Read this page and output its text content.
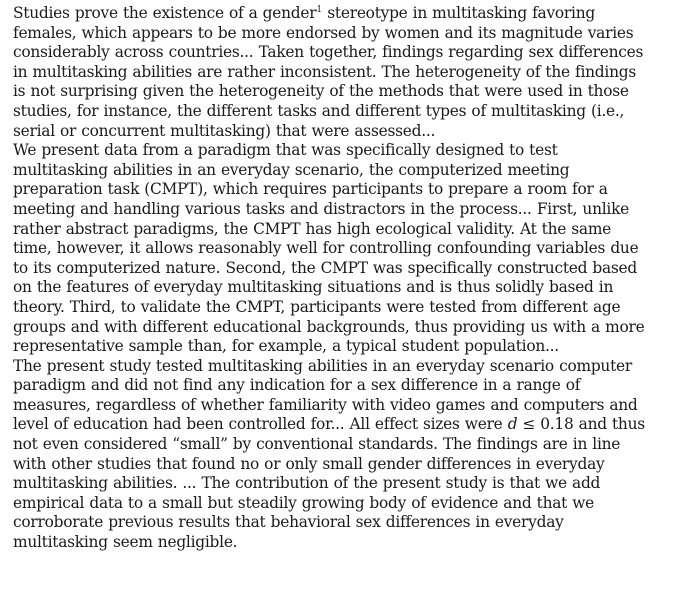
Studies prove the existence of a gender$^1$ stereotype in multitasking favoring
females, which appears to be more endorsed by women and its magnitude varies
considerably across countries... Taken together, findings regarding sex differences
in multitasking abilities are rather inconsistent. The heterogeneity of the findings
is not surprising given the heterogeneity of the methods that were used in those
studies, for instance, the different tasks and different types of multitasking (i.e.,
serial or concurrent multitasking) that were assessed...

We present data from a paradigm that was specifically designed to test
multitasking abilities in an everyday scenario, the computerized meeting
preparation task (CMPT), which requires participants to prepare a room for a
meeting and handling various tasks and distractors in the process... First, unlike
rather abstract paradigms, the CMPT has high ecological validity. At the same
time, however, it allows reasonably well for controlling confounding variables due
to its computerized nature. Second, the CMPT was specifically constructed based
on the features of everyday multitasking situations and is thus solidly based in
theory. Third, to validate the CMPT, participants were tested from different age
groups and with different educational backgrounds, thus providing us with a more
representative sample than, for example, a typical student population...

The present study tested multitasking abilities in an everyday scenario computer
paradigm and did not find any indication for a sex difference in a range of
measures, regardless of whether familiarity with video games and computers and
level of education had been controlled for... All effect sizes were d ≤ 0.18 and thus
not even considered “small” by conventional standards. The findings are in line
with other studies that found no or only small gender differences in everyday
multitasking abilities. ... The contribution of the present study is that we add
empirical data to a small but steadily growing body of evidence and that we
corroborate previous results that behavioral sex differences in everyday
multitasking seem negligible.
